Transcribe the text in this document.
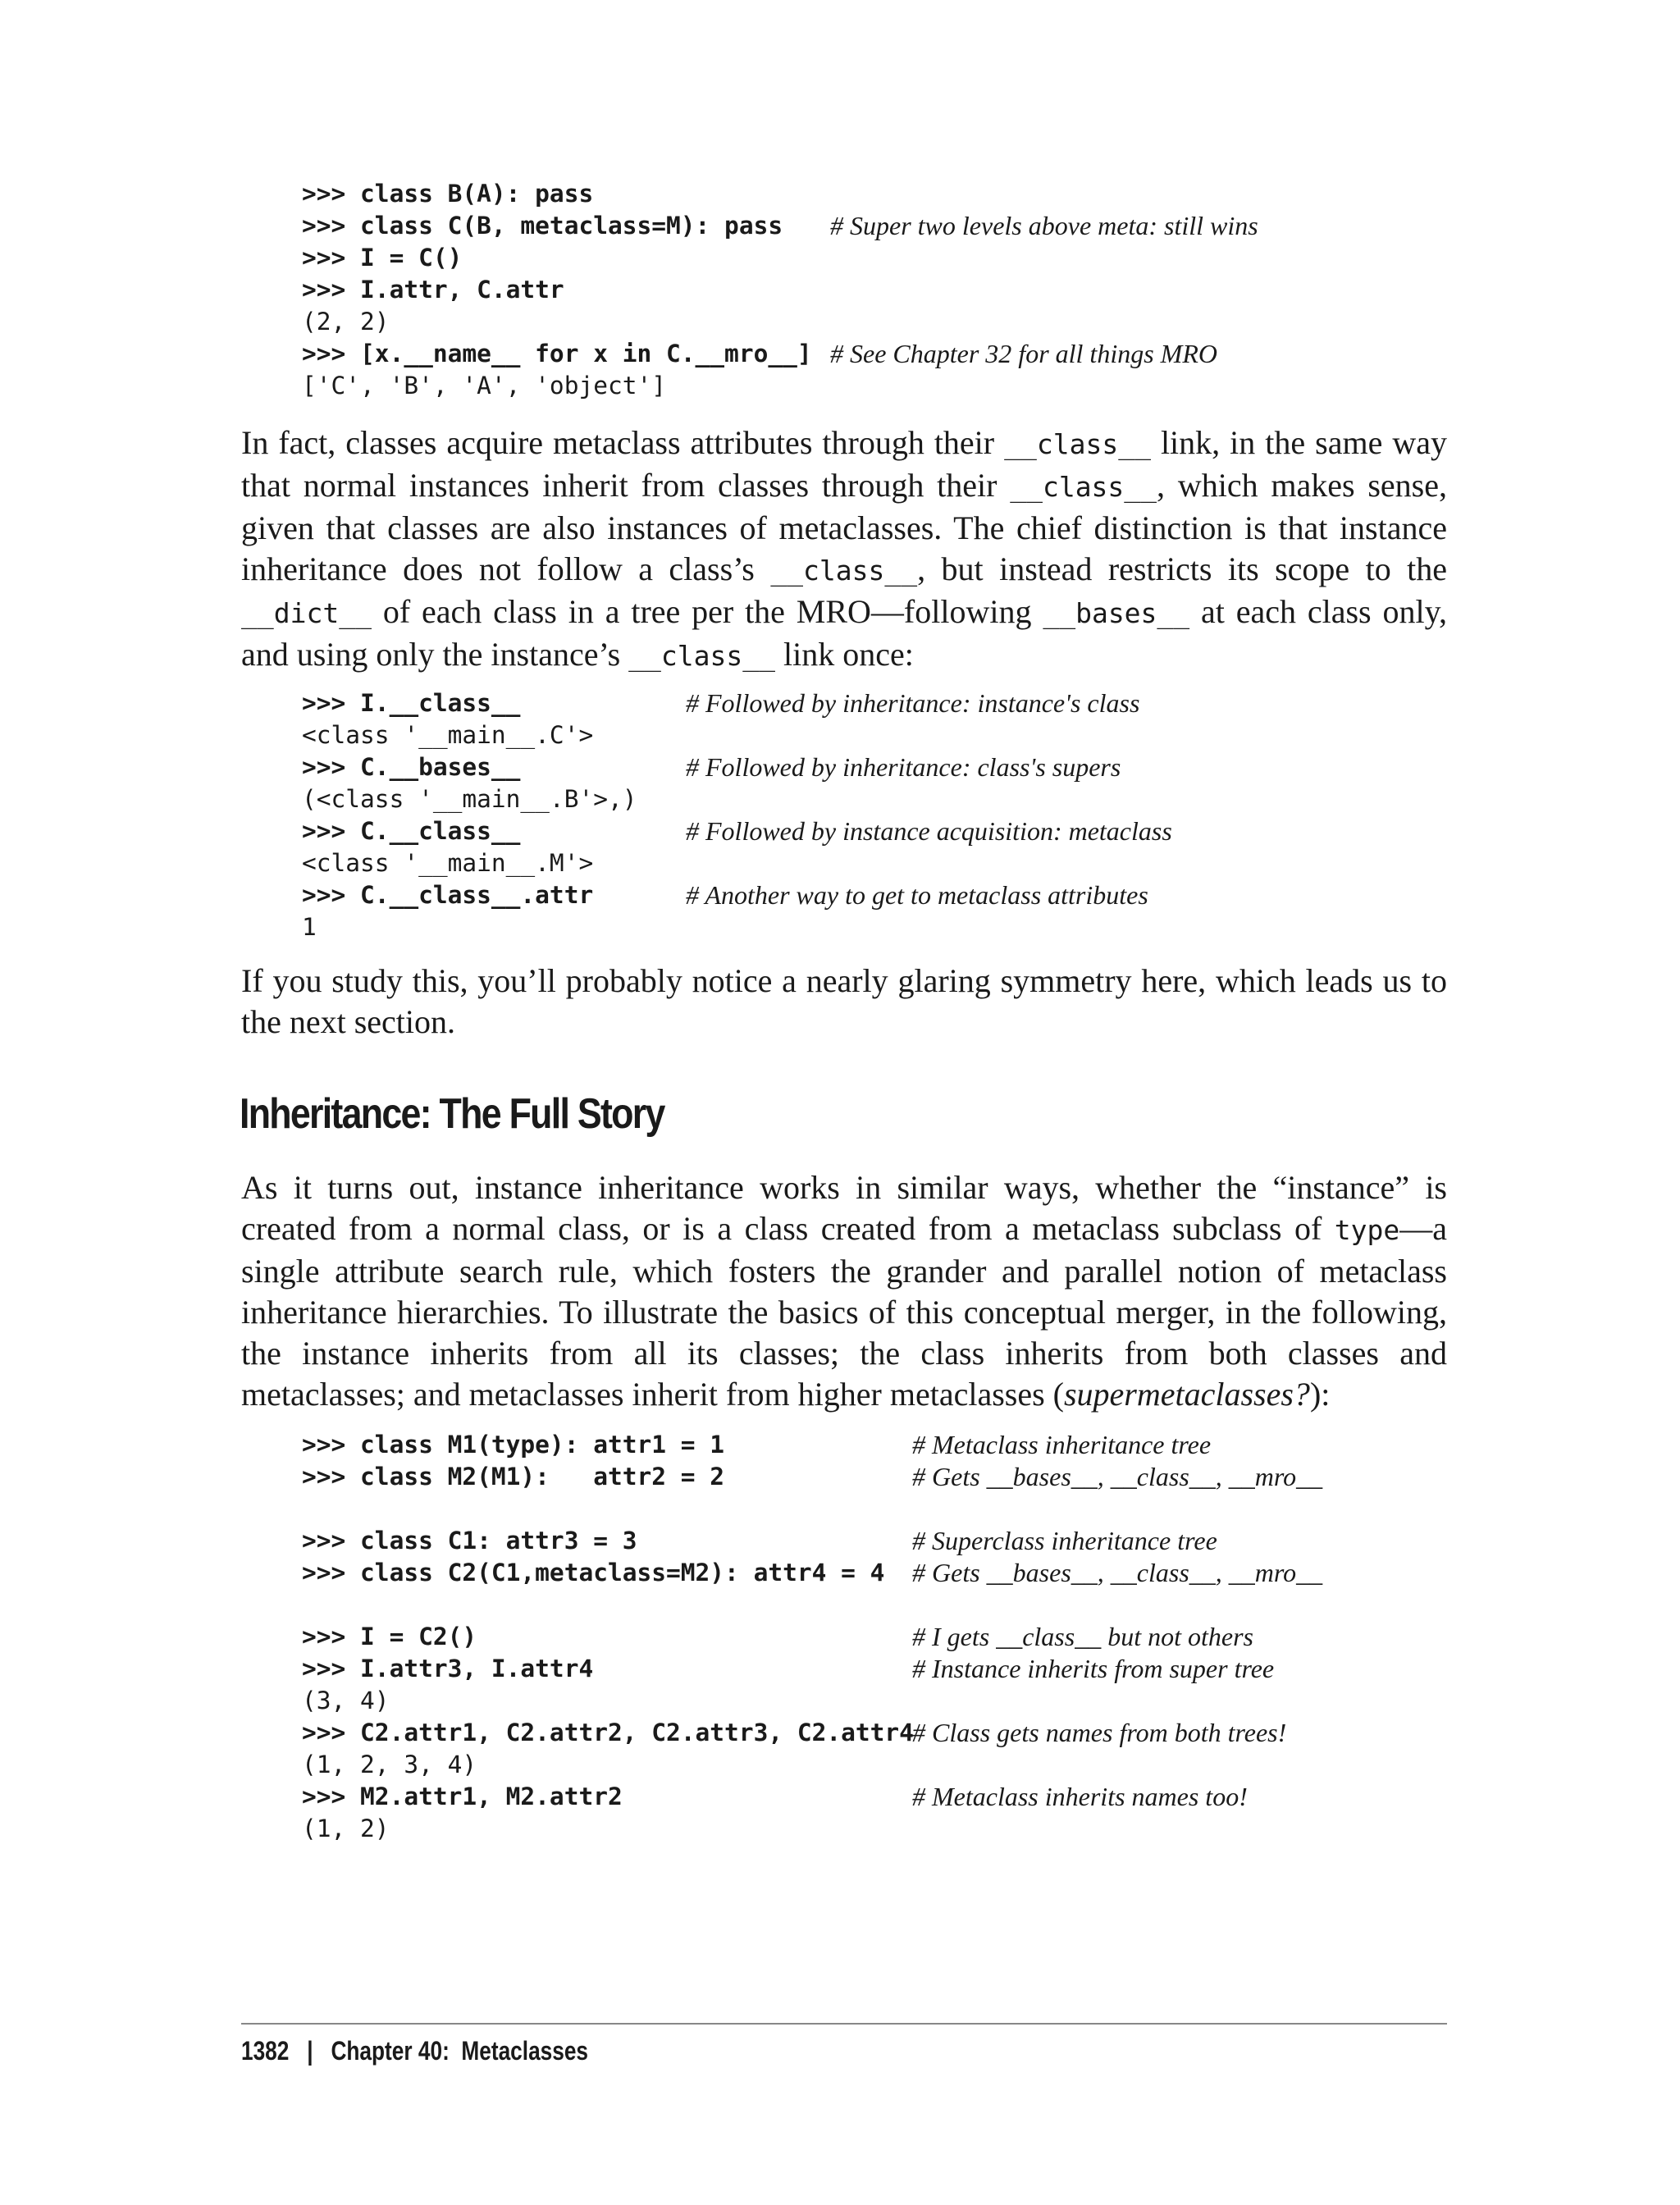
>>> class B(A): pass
>>> class C(B, metaclass=M): pass # Super two levels above meta: still wins
>>> I = C()
>>> I.attr, C.attr
(2, 2)
>>> [x.__name__ for x in C.__mro__] # See Chapter 32 for all things MRO
['C', 'B', 'A', 'object']
In fact, classes acquire metaclass attributes through their __class__ link, in the same way that normal instances inherit from classes through their __class__, which makes sense, given that classes are also instances of metaclasses. The chief distinction is that instance inheritance does not follow a class’s __class__, but instead restricts its scope to the __dict__ of each class in a tree per the MRO—following __bases__ at each class only, and using only the instance’s __class__ link once:
>>> I.__class__	# Followed by inheritance: instance's class
<class '__main__.C'>
>>> C.__bases__	# Followed by inheritance: class's supers
(<class '__main__.B'>,)
>>> C.__class__	# Followed by instance acquisition: metaclass
<class '__main__.M'>
>>> C.__class__.attr	# Another way to get to metaclass attributes
1
If you study this, you’ll probably notice a nearly glaring symmetry here, which leads us to the next section.
Inheritance: The Full Story
As it turns out, instance inheritance works in similar ways, whether the “instance” is created from a normal class, or is a class created from a metaclass subclass of type—a single attribute search rule, which fosters the grander and parallel notion of metaclass inheritance hierarchies. To illustrate the basics of this conceptual merger, in the following, the instance inherits from all its classes; the class inherits from both classes and metaclasses; and metaclasses inherit from higher metaclasses (supermetaclasses?):
>>> class M1(type): attr1 = 1	# Metaclass inheritance tree
>>> class M2(M1):   attr2 = 2	# Gets __bases__, __class__, __mro__
>>> class C1: attr3 = 3	# Superclass inheritance tree
>>> class C2(C1,metaclass=M2): attr4 = 4 # Gets __bases__, __class__, __mro__
>>> I = C2()	# I gets __class__ but not others
>>> I.attr3, I.attr4	# Instance inherits from super tree
(3, 4)
>>> C2.attr1, C2.attr2, C2.attr3, C2.attr4
# Class gets names from both trees!
(1, 2, 3, 4)
>>> M2.attr1, M2.attr2	# Metaclass inherits names too!
(1, 2)
1382 | Chapter 40:  Metaclasses
